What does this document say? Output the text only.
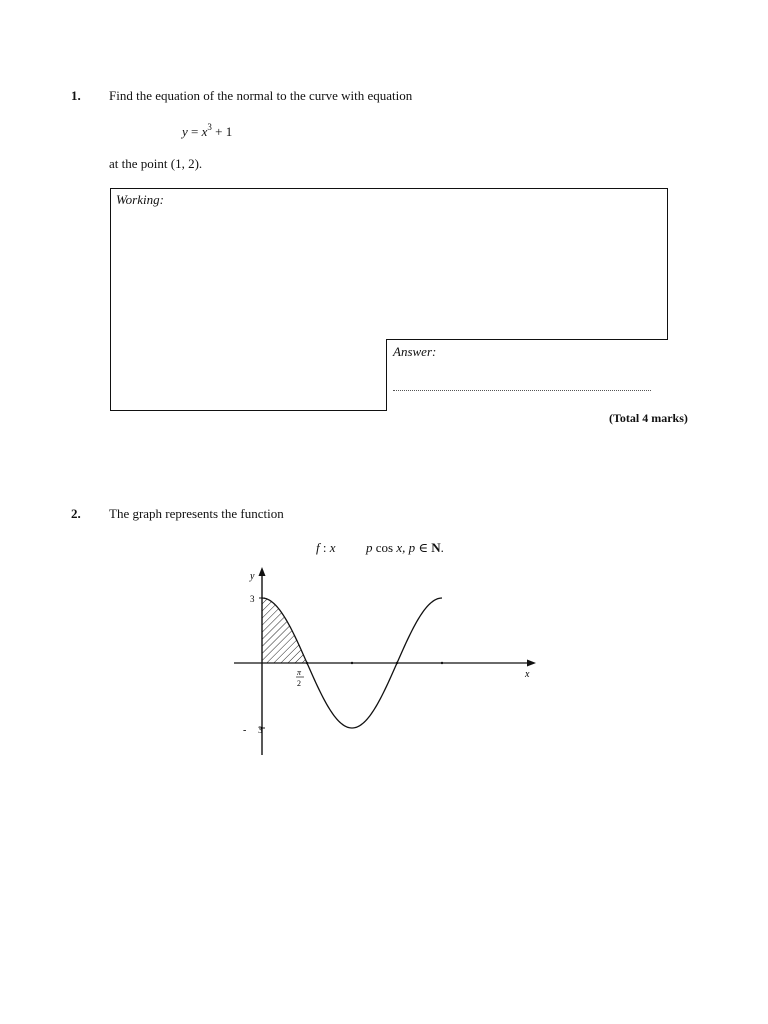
1. Find the equation of the normal to the curve with equation
$y = x^3 + 1$
at the point (1, 2).
Working:
Answer:
(Total 4 marks)
2. The graph represents the function
f : x p cos x, p ∈ N.
y
x
3
- 3
π
2
